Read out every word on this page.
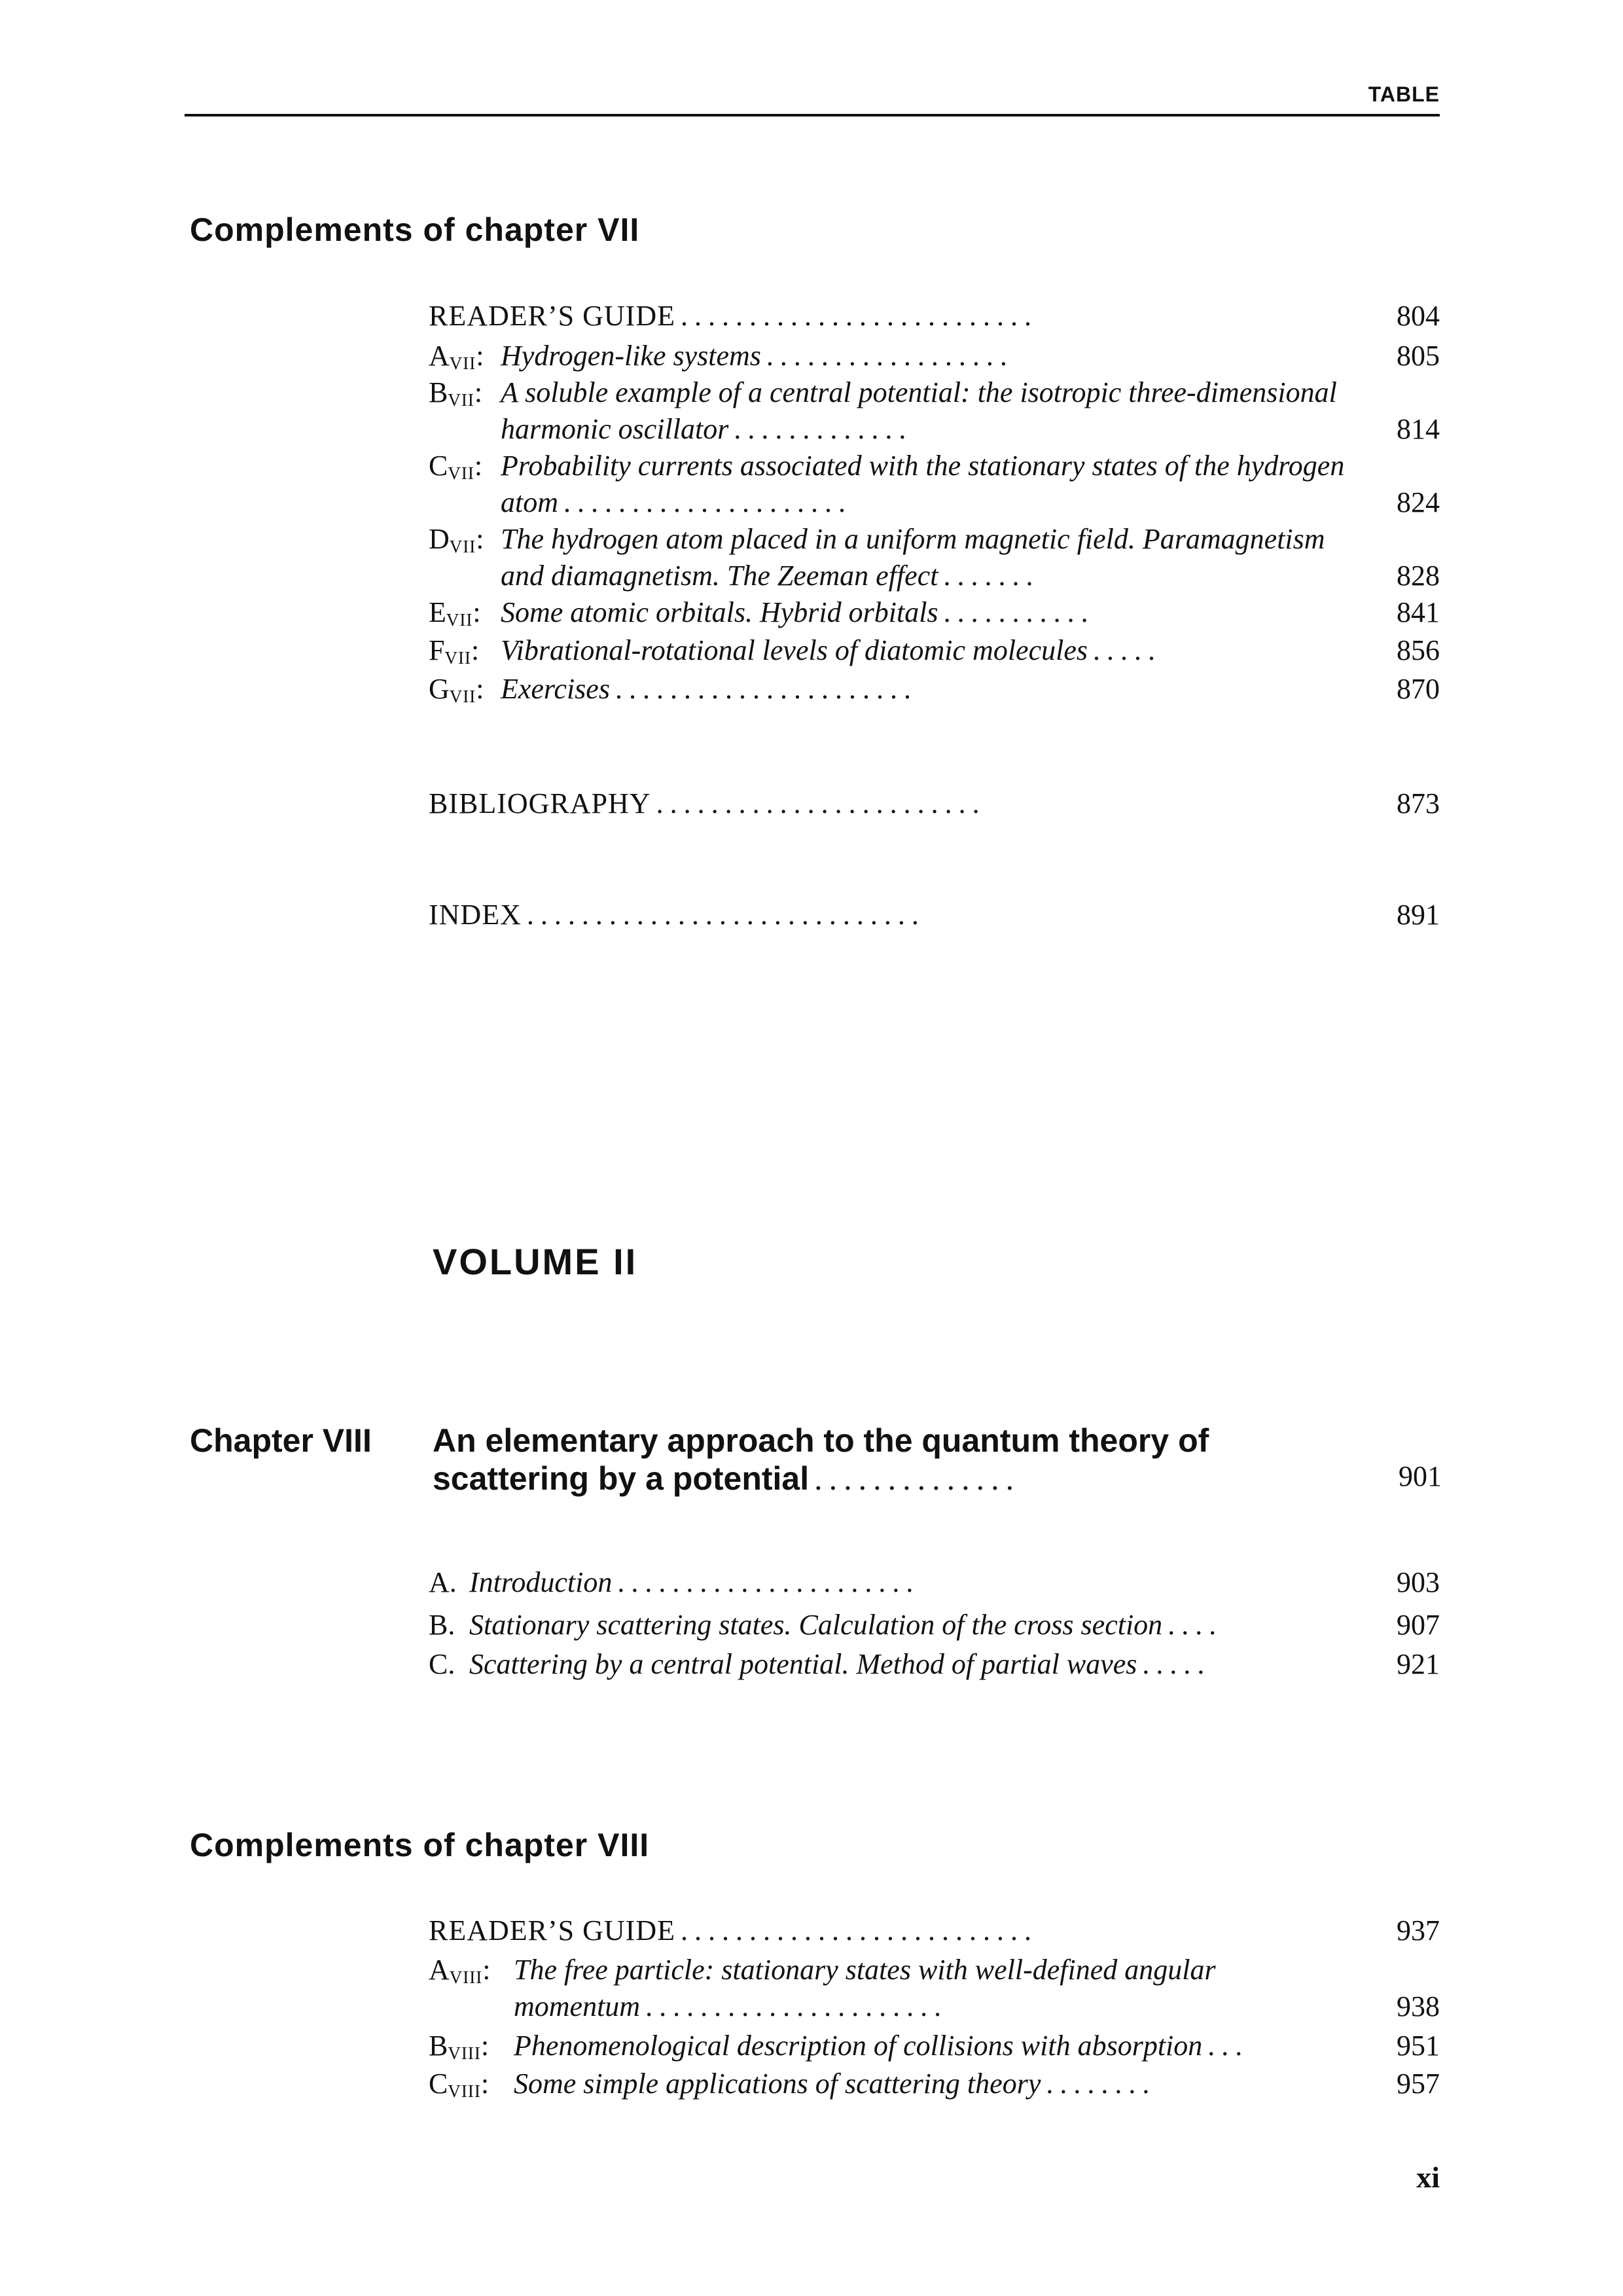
TABLE
Complements of chapter VII
READER’S GUIDE ..........................	804
$A_{VII}$: Hydrogen-like systems ..................	805
$B_{VII}$: A soluble example of a central potential: the isotropic three-dimensional harmonic oscillator .............	814
$C_{VII}$: Probability currents associated with the stationary states of the hydrogen atom .....................	824
$D_{VII}$: The hydrogen atom placed in a uniform magnetic field. Paramagnetism and diamagnetism. The Zeeman effect .......	828
$E_{VII}$: Some atomic orbitals. Hybrid orbitals ...........	841
$F_{VII}$: Vibrational-rotational levels of diatomic molecules .....	856
$G_{VII}$: Exercises ......................	870
BIBLIOGRAPHY ........................	873
INDEX .............................	891
VOLUME II
Chapter VIII An elementary approach to the quantum theory of scattering by a potential ..............	901
A. Introduction ......................	903
B. Stationary scattering states. Calculation of the cross section ....	907
C. Scattering by a central potential. Method of partial waves .....	921
Complements of chapter VIII
READER’S GUIDE ..........................	937
$A_{VIII}$: The free particle: stationary states with well-defined angular momentum ......................	938
$B_{VIII}$: Phenomenological description of collisions with absorption ...	951
$C_{VIII}$: Some simple applications of scattering theory ........	957
xi
